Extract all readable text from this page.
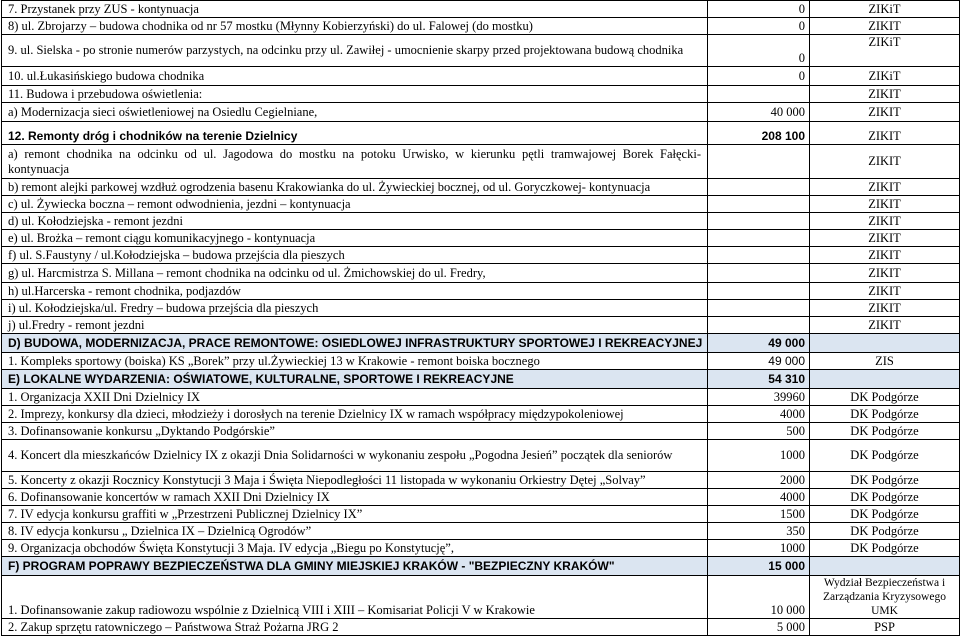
7. Przystanek przy ZUS - kontynuacja	0	ZIKiT
8) ul. Zbrojarzy – budowa chodnika od nr 57 mostku (Młynny Kobierzyński) do ul. Falowej (do mostku)	0	ZIKIT
9. ul. Sielska - po stronie numerów parzystych, na odcinku przy ul. Zawiłej - umocnienie skarpy przed projektowana budową chodnika	0	ZIKiT
10. ul.Łukasińskiego budowa chodnika	0	ZIKiT
11. Budowa i przebudowa oświetlenia:		ZIKIT
a) Modernizacja sieci oświetleniowej na Osiedlu Cegielniane,	40 000	ZIKIT
12. Remonty dróg i chodników na terenie Dzielnicy	208 100	ZIKIT
a) remont chodnika na odcinku od ul. Jagodowa do mostku na potoku Urwisko, w kierunku pętli tramwajowej Borek Fałęcki- kontynuacja		ZIKIT
b) remont alejki parkowej wzdłuż ogrodzenia basenu Krakowianka do ul. Żywieckiej bocznej, od ul. Goryczkowej- kontynuacja		ZIKIT
c) ul. Żywiecka boczna – remont odwodnienia, jezdni – kontynuacja		ZIKIT
d) ul. Kołodziejska - remont jezdni		ZIKIT
e) ul. Brożka – remont ciągu komunikacyjnego - kontynuacja		ZIKIT
f) ul. S.Faustyny / ul.Kołodziejska – budowa przejścia dla pieszych		ZIKIT
g) ul. Harcmistrza S. Millana – remont chodnika na odcinku od ul. Żmichowskiej do ul. Fredry,		ZIKIT
h) ul.Harcerska - remont chodnika, podjazdów		ZIKIT
i) ul. Kołodziejska/ul. Fredry – budowa przejścia dla pieszych		ZIKIT
j) ul.Fredry - remont jezdni		ZIKIT
D) BUDOWA, MODERNIZACJA, PRACE REMONTOWE: OSIEDLOWEJ INFRASTRUKTURY SPORTOWEJ I REKREACYJNEJ	49 000	
1. Kompleks sportowy (boiska) KS „Borek” przy ul.Żywieckiej 13 w Krakowie - remont boiska bocznego	49 000	ZIS
E) LOKALNE WYDARZENIA: OŚWIATOWE, KULTURALNE, SPORTOWE I REKREACYJNE	54 310	
1. Organizacja XXII Dni Dzielnicy IX	39960	DK Podgórze
2. Imprezy, konkursy dla dzieci, młodzieży i dorosłych na terenie Dzielnicy IX w ramach współpracy międzypokoleniowej	4000	DK Podgórze
3. Dofinansowanie konkursu „Dyktando Podgórskie”	500	DK Podgórze
4. Koncert dla mieszkańców Dzielnicy IX z okazji Dnia Solidarności w wykonaniu zespołu „Pogodna Jesień” początek dla seniorów	1000	DK Podgórze
5. Koncerty z okazji Rocznicy Konstytucji 3 Maja i Święta Niepodległości 11 listopada w wykonaniu Orkiestry Dętej „Solvay”	2000	DK Podgórze
6. Dofinansowanie koncertów w ramach XXII Dni Dzielnicy IX	4000	DK Podgórze
7. IV edycja konkursu graffiti w „Przestrzeni Publicznej Dzielnicy IX”	1500	DK Podgórze
8. IV edycja konkursu „ Dzielnica IX – Dzielnicą Ogrodów”	350	DK Podgórze
9. Organizacja obchodów Święta Konstytucji 3 Maja. IV edycja „Biegu po Konstytucję”,	1000	DK Podgórze
F) PROGRAM POPRAWY BEZPIECZEŃSTWA DLA GMINY MIEJSKIEJ KRAKÓW - "BEZPIECZNY KRAKÓW"	15 000	
1. Dofinansowanie zakup radiowozu wspólnie z Dzielnicą VIII i XIII – Komisariat Policji V w Krakowie	10 000	Wydział Bezpieczeństwa i Zarządzania Kryzysowego UMK
2. Zakup sprzętu ratowniczego – Państwowa Straż Pożarna JRG 2	5 000	PSP
